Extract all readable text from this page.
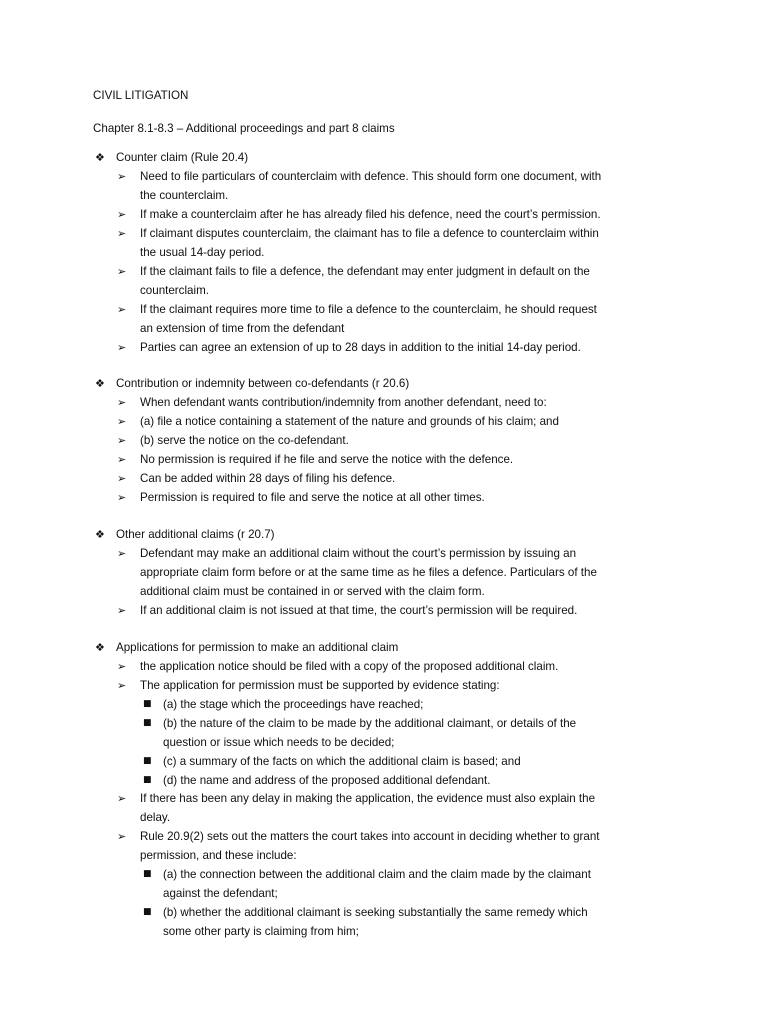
CIVIL LITIGATION
Chapter 8.1-8.3 – Additional proceedings and part 8 claims
❖ Counter claim (Rule 20.4)
➢ Need to file particulars of counterclaim with defence. This should form one document, with
the counterclaim.
➢ If make a counterclaim after he has already filed his defence, need the court’s permission.
➢ If claimant disputes counterclaim, the claimant has to file a defence to counterclaim within
the usual 14-day period.
➢ If the claimant fails to file a defence, the defendant may enter judgment in default on the
counterclaim.
➢ If the claimant requires more time to file a defence to the counterclaim, he should request
an extension of time from the defendant
➢ Parties can agree an extension of up to 28 days in addition to the initial 14-day period.
❖ Contribution or indemnity between co-defendants (r 20.6)
➢ When defendant wants contribution/indemnity from another defendant, need to:
➢ (a) file a notice containing a statement of the nature and grounds of his claim; and
➢ (b) serve the notice on the co-defendant.
➢ No permission is required if he file and serve the notice with the defence.
➢ Can be added within 28 days of filing his defence.
➢ Permission is required to file and serve the notice at all other times.
❖ Other additional claims (r 20.7)
➢ Defendant may make an additional claim without the court’s permission by issuing an
appropriate claim form before or at the same time as he files a defence. Particulars of the
additional claim must be contained in or served with the claim form.
➢ If an additional claim is not issued at that time, the court’s permission will be required.
❖ Applications for permission to make an additional claim
➢ the application notice should be filed with a copy of the proposed additional claim.
➢ The application for permission must be supported by evidence stating:
■ (a) the stage which the proceedings have reached;
■ (b) the nature of the claim to be made by the additional claimant, or details of the
question or issue which needs to be decided;
■ (c) a summary of the facts on which the additional claim is based; and
■ (d) the name and address of the proposed additional defendant.
➢ If there has been any delay in making the application, the evidence must also explain the
delay.
➢ Rule 20.9(2) sets out the matters the court takes into account in deciding whether to grant
permission, and these include:
■ (a) the connection between the additional claim and the claim made by the claimant
against the defendant;
■ (b) whether the additional claimant is seeking substantially the same remedy which
some other party is claiming from him;
